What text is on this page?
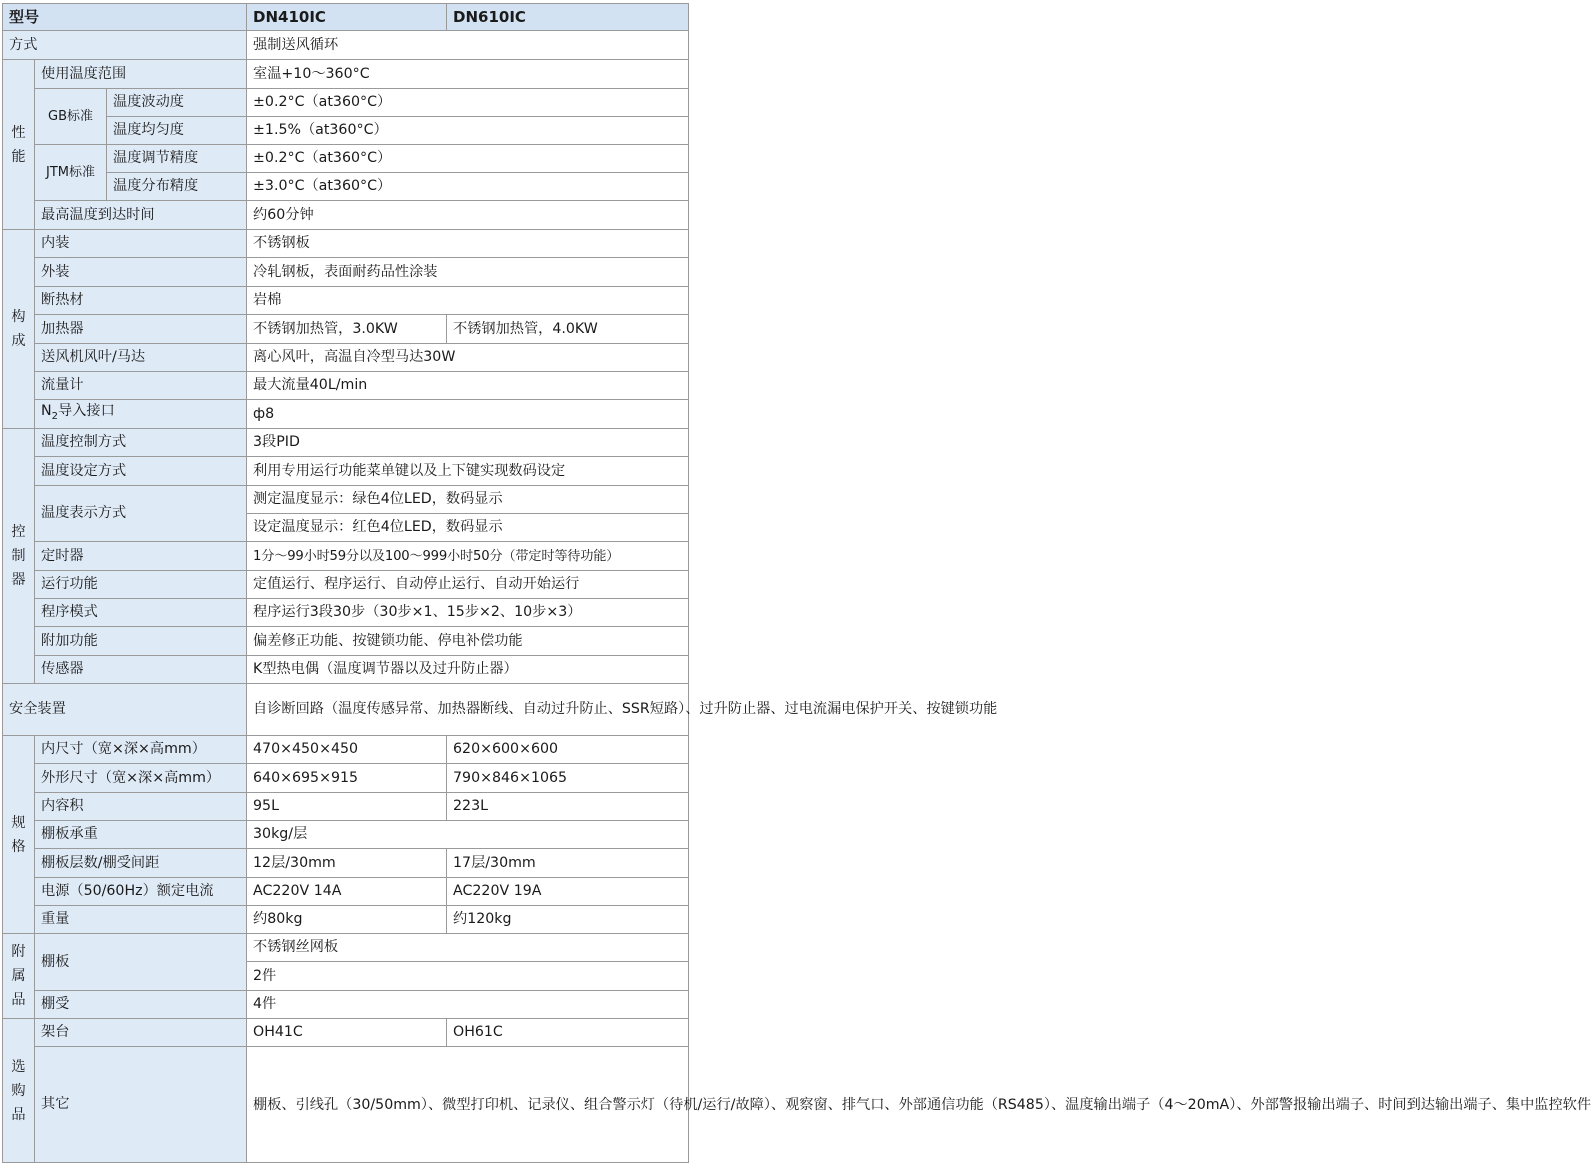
型号			DN410IC	DN610IC
方式			强制送风循环	

性能	使用温度范围		室温+10～360°C	
	GB标准	温度波动度	±0.2°C（at360°C）	
		温度均匀度	±1.5%（at360°C）	
	JTM标准	温度调节精度	±0.2°C（at360°C）	
		温度分布精度	±3.0°C（at360°C）	
	最高温度到达时间		约60分钟	

构成	内装		不锈钢板	
	外装		冷轧钢板，表面耐药品性涂装	
	断热材		岩棉	
	加热器		不锈钢加热管，3.0KW	不锈钢加热管，4.0KW
	送风机风叶/马达		离心风叶，高温自冷型马达30W	
	流量计		最大流量40L/min	
	$N_2$导入接口		ф8	

控制器	温度控制方式		3段PID	
	温度设定方式		利用专用运行功能菜单键以及上下键实现数码设定	
	温度表示方式		测定温度显示：绿色4位LED，数码显示	
			设定温度显示：红色4位LED，数码显示	
	定时器		1分～99小时59分以及100～999小时50分（带定时等待功能）	
	运行功能		定值运行、程序运行、自动停止运行、自动开始运行	
	程序模式		程序运行3段30步（30步×1、15步×2、10步×3）	
	附加功能		偏差修正功能、按键锁功能、停电补偿功能	
	传感器		K型热电偶（温度调节器以及过升防止器）	
安全装置			自诊断回路（温度传感异常、加热器断线、自动过升防止、SSR短路）、过升防止器、过电流漏电保护开关、按键锁功能	

规格	内尺寸（宽×深×高mm）		470×450×450	620×600×600
	外形尺寸（宽×深×高mm）		640×695×915	790×846×1065
	内容积		95L	223L
	棚板承重		30kg/层	
	棚板层数/棚受间距		12层/30mm	17层/30mm
	电源（50/60Hz）额定电流		AC220V 14A	AC220V 19A
	重量		约80kg	约120kg

附属品	棚板		不锈钢丝网板	
			2件	
	棚受		4件	

选购品	架台		OH41C	OH61C
	其它		棚板、引线孔（30/50mm）、微型打印机、记录仪、组合警示灯（待机/运行/故障）、观察窗、排气口、外部通信功能（RS485）、温度输出端子（4～20mA）、外部警报输出端子、时间到达输出端子、集中监控软件	
